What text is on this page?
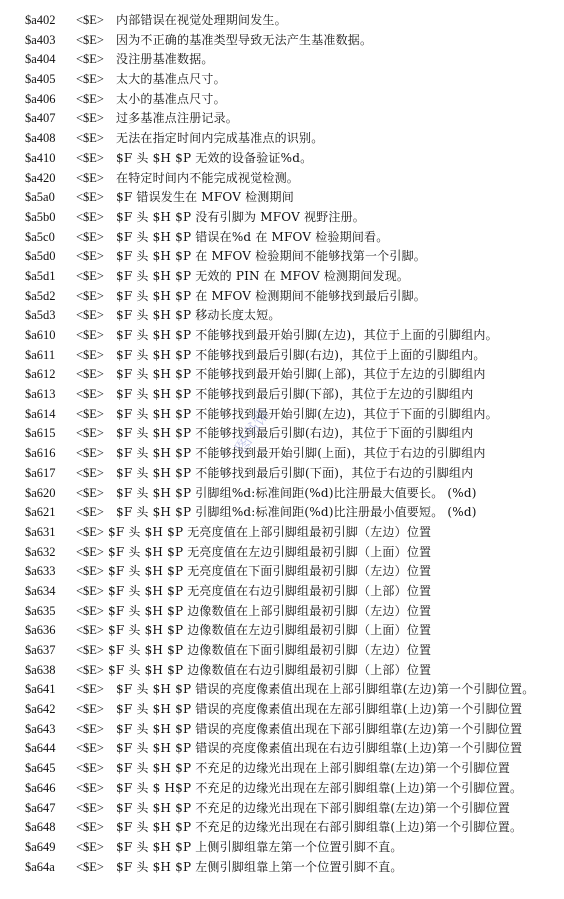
$a402 <$E> 内部错误在视觉处理期间发生。
$a403 <$E> 因为不正确的基准类型导致无法产生基准数据。
$a404 <$E> 没注册基准数据。
$a405 <$E> 太大的基准点尺寸。
$a406 <$E> 太小的基准点尺寸。
$a407 <$E> 过多基准点注册记录。
$a408 <$E> 无法在指定时间内完成基准点的识别。
$a410 <$E> $F 头 $H $P 无效的设备验证%d。
$a420 <$E> 在特定时间内不能完成视觉检测。
$a5a0 <$E> $F 错误发生在 MFOV 检测期间
$a5b0 <$E> $F 头 $H $P 没有引脚为 MFOV 视野注册。
$a5c0 <$E> $F 头 $H $P 错误在%d 在 MFOV 检验期间看。
$a5d0 <$E> $F 头 $H $P 在 MFOV 检验期间不能够找第一个引脚。
$a5d1 <$E> $F 头 $H $P 无效的 PIN 在 MFOV 检测期间发现。
$a5d2 <$E> $F 头 $H $P 在 MFOV 检测期间不能够找到最后引脚。
$a5d3 <$E> $F 头 $H $P 移动长度太短。
$a610 <$E> $F 头 $H $P 不能够找到最开始引脚(左边)，其位于上面的引脚组内。
$a611 <$E> $F 头 $H $P 不能够找到最后引脚(右边)，其位于上面的引脚组内。
$a612 <$E> $F 头 $H $P 不能够找到最开始引脚(上部)，其位于左边的引脚组内
$a613 <$E> $F 头 $H $P 不能够找到最后引脚(下部)，其位于左边的引脚组内
$a614 <$E> $F 头 $H $P 不能够找到最开始引脚(左边)，其位于下面的引脚组内。
$a615 <$E> $F 头 $H $P 不能够找到最后引脚(右边)，其位于下面的引脚组内
$a616 <$E> $F 头 $H $P 不能够找到最开始引脚(上面)，其位于右边的引脚组内
$a617 <$E> $F 头 $H $P 不能够找到最后引脚(下面)，其位于右边的引脚组内
$a620 <$E> $F 头 $H $P 引脚组%d:标准间距(%d)比注册最大值要长。 (%d)
$a621 <$E> $F 头 $H $P 引脚组%d:标准间距(%d)比注册最小值要短。 (%d)
$a631 <$E> $F 头 $H $P 无亮度值在上部引脚组最初引脚（左边）位置
$a632 <$E> $F 头 $H $P 无亮度值在左边引脚组最初引脚（上面）位置
$a633 <$E> $F 头 $H $P 无亮度值在下面引脚组最初引脚（左边）位置
$a634 <$E> $F 头 $H $P 无亮度值在右边引脚组最初引脚（上部）位置
$a635 <$E> $F 头 $H $P 边像数值在上部引脚组最初引脚（左边）位置
$a636 <$E> $F 头 $H $P 边像数值在左边引脚组最初引脚（上面）位置
$a637 <$E> $F 头 $H $P 边像数值在下面引脚组最初引脚（左边）位置
$a638 <$E> $F 头 $H $P 边像数值在右边引脚组最初引脚（上部）位置
$a641 <$E> $F 头 $H $P 错误的亮度像素值出现在上部引脚组靠(左边)第一个引脚位置。
$a642 <$E> $F 头 $H $P 错误的亮度像素值出现在左部引脚组靠(上边)第一个引脚位置
$a643 <$E> $F 头 $H $P 错误的亮度像素值出现在下部引脚组靠(左边)第一个引脚位置
$a644 <$E> $F 头 $H $P 错误的亮度像素值出现在右边引脚组靠(上边)第一个引脚位置
$a645 <$E> $F 头 $H $P 不充足的边缘光出现在上部引脚组靠(左边)第一个引脚位置
$a646 <$E> $F 头 $ H$P 不充足的边缘光出现在左部引脚组靠(上边)第一个引脚位置。
$a647 <$E> $F 头 $H $P 不充足的边缘光出现在下部引脚组靠(左边)第一个引脚位置
$a648 <$E> $F 头 $H $P 不充足的边缘光出现在右部引脚组靠(上边)第一个引脚位置。
$a649 <$E> $F 头 $H $P 上侧引脚组靠左第一个位置引脚不直。
$a64a <$E> $F 头 $H $P 左侧引脚组靠上第一个位置引脚不直。
图书馆
